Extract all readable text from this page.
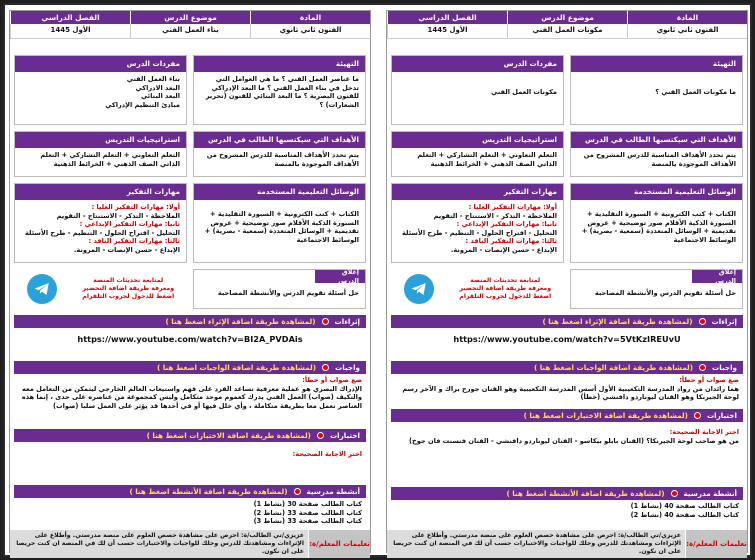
المادة
الفنون ثاني ثانوي
موضوع الدرس
بناء العمل الفني
الفصل الدراسي
الأول 1445
التهيئة
ما عناصر العمل الفني ؟ ما هي العوامل التي تدخل في بناء العمل الفني ؟ ما البعد الإدراكي للفنون البصرية ؟ ما البعد البنائي للفنون (تحرير الشعارات) ؟
مفردات الدرس
بناء العمل الفني
البعد الادراكي
البعد البنائي
مبادئ التنظيم الإدراكي
الأهداف التي سيكتسبها الطالب في الدرس
يتم تحدد الأهداف المناسبة للدرس المشروح من الأهداف الموجودة بالمنصة
استراتيجيات التدريس
التعلم التعاوني + التعلم التشاركي + التعلم الذاتي الصف الذهني + الخرائط الذهنية
الوسائل التعليمية المستخدمة
الكتاب + كتب الكترونية + السبورة التقليدية + السبورة الذكية الأقلام صور توضيحية + عروض تقديمية + الوسائل المتعددة (سمعية - بصرية) + الوسائط الاجتماعية
مهارات التفكير
أولا: مهارات التفكير العليا :
الملاحظة - التذكر - الاستنتاج - التقويم
ثانيا: مهارات التفكير الإبداعي :
التحليل - اقتراح الحلول - التنظيم - طرح الأسئلة
ثالثا: مهارات التفكير الناقد :
الإبداع - حسن الإنصات - المرونة.
إغلاق الدرس
حل أسئلة تقويم الدرس والأنشطة المصاحبة
لمتابعة تحديثات المنصة
ومعرفة طريقة اضافة التحضير
اضغط للدخول لجروب التلقرام
إثراءات
(لمشاهدة طريقة اضافة الإثراء اضغط هنا )
https://www.youtube.com/watch?v=BI2A_PVDAis
واجبات
(لمشاهدة طريقة اضافة الواجبات اضغط هنا )
ضع صواب أو خطأ:
الإدراك البصري هو عملية معرفية تساعد الفرد على فهم واستيعاب العالم الخارجي ليتمكن من التعامل معه والتكيف (صواب) العمل الفني يدرك كعموم موحد متكامل وليس كمجموعة من عناصره على حدى ، إنما هذه العناصر تعمل معا بطريقة متكاملة ، وأي خلل فيها أو في أحدها قد يؤثر على العمل سلبا (صواب)
اختبارات
(لمشاهدة طريقة اضافة الاختبارات اضغط هنا )
اختر الاجابة الصحيحة:
أنشطة مدرسية
(لمشاهدة طريقة اضافة الأنشطة اضغط هنا )
كتاب الطالب صفحة 30 (نشاط 1)
كتاب الطالب صفحة 33 (نشاط 2)
كتاب الطالب صفحة 33 (نشاط 3)
تعليمات المعلم/ة:
عزيزي/تي الطالب/ة: احرص على مشاهدة حصص العلوم على منصة مدرستي. وأطلاع على الإثراءات ومشاهدتك للدرس وحلك للواجبات والاختبارات حسب أن لك في المنصة ان كنت حريصا على ان نكون.
المادة
الفنون ثاني ثانوي
موضوع الدرس
مكونات العمل الفني
الفصل الدراسي
الأول 1445
التهيئة
ما مكونات العمل الفني ؟
مفردات الدرس
مكونات العمل الفني
الأهداف التي سيكتسبها الطالب في الدرس
يتم تحدد الأهداف المناسبة للدرس المشروح من الأهداف الموجودة بالمنصة
استراتيجيات التدريس
التعلم التعاوني + التعلم التشاركي + التعلم الذاتي الصف الذهني + الخرائط الذهنية
الوسائل التعليمية المستخدمة
الكتاب + كتب الكترونية + السبورة التقليدية + السبورة الذكية الأقلام صور توضيحية + عروض تقديمية + الوسائل المتعددة (سمعية - بصرية) + الوسائط الاجتماعية
مهارات التفكير
أولا: مهارات التفكير العليا :
الملاحظة - التذكر - الاستنتاج - التقويم
ثانيا: مهارات التفكير الإبداعي :
التحليل - اقتراح الحلول - التنظيم - طرح الأسئلة
ثالثا: مهارات التفكير الناقد :
الإبداع - حسن الإنصات - المرونة.
إغلاق الدرس
حل أسئلة تقويم الدرس والأنشطة المصاحبة
لمتابعة تحديثات المنصة
ومعرفة طريقة اضافة التحضير
اضغط للدخول لجروب التلقرام
إثراءات
(لمشاهدة طريقة اضافة الإثراء اضغط هنا )
https://www.youtube.com/watch?v=5VtKzIREUvU
واجبات
(لمشاهدة طريقة اضافة الواجبات اضغط هنا )
ضع صواب أو خطأ:
هما رائدان من رواد المدرسة التكعيبية الأول أسس المدرسة التكعيبية وهو الفنان جورج براك و الآخر رسم لوحة الجيرنكا وهو الفنان ليوناردو دافنشي (خطأ)
اختبارات
(لمشاهدة طريقة اضافة الاختبارات اضغط هنا )
اختر الاجابة الصحيحة:
من هو صاحب لوحة الجيرنكا؟ (الفنان بابلو بيكاسو - الفنان ليوناردو دافنشي - الفنان فنسنت فان جوخ)
أنشطة مدرسية
(لمشاهدة طريقة اضافة الأنشطة اضغط هنا )
كتاب الطالب صفحة 40 (نشاط 1)
كتاب الطالب صفحة 40 (نشاط 2)
تعليمات المعلم/ة:
عزيزي/تي الطالب/ة: احرص على مشاهدة حصص العلوم على منصة مدرستي. وأطلاع على الإثراءات ومشاهدتك للدرس وحلك للواجبات والاختبارات حسب أن لك في المنصة ان كنت حريصا على ان نكون.
